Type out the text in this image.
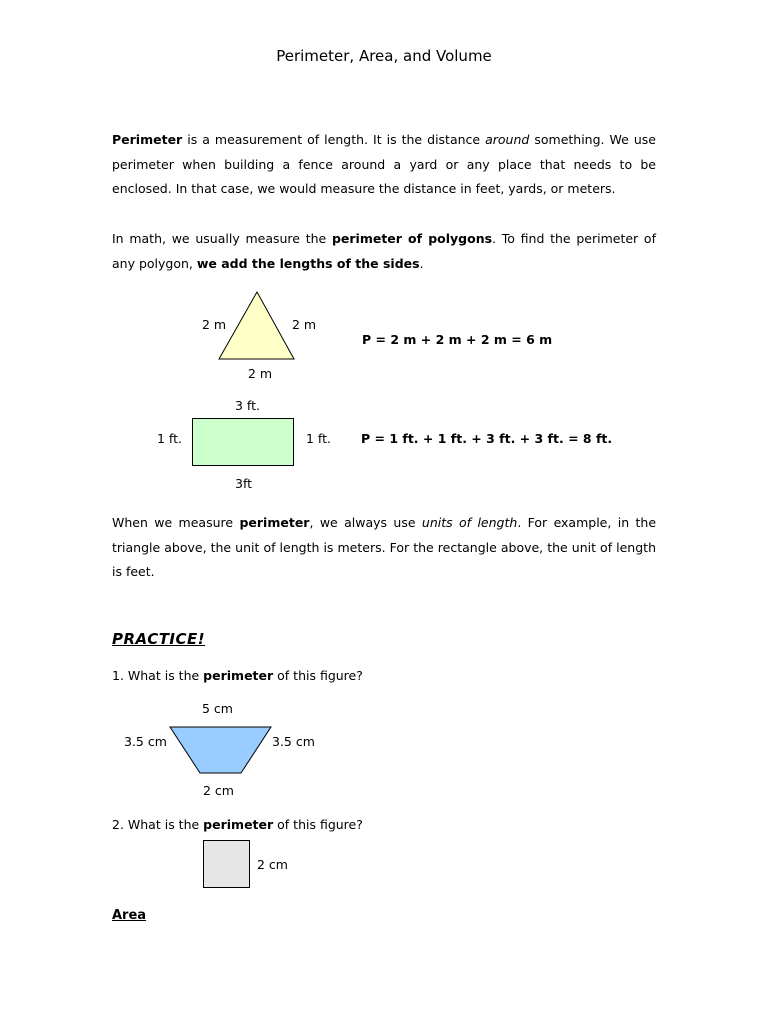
Perimeter, Area, and Volume
Perimeter is a measurement of length. It is the distance around something. We use perimeter when building a fence around a yard or any place that needs to be enclosed. In that case, we would measure the distance in feet, yards, or meters.
In math, we usually measure the perimeter of polygons. To find the perimeter of any polygon, we add the lengths of the sides.
2 m	2 m
2 m
P = 2 m + 2 m + 2 m = 6 m
3 ft.
1 ft.	1 ft.
3ft
P = 1 ft. + 1 ft. + 3 ft. + 3 ft. = 8 ft.
When we measure perimeter, we always use units of length. For example, in the triangle above, the unit of length is meters. For the rectangle above, the unit of length is feet.
PRACTICE!
1. What is the perimeter of this figure?
5 cm
3.5 cm	3.5 cm
2 cm
2. What is the perimeter of this figure?
2 cm
Area
